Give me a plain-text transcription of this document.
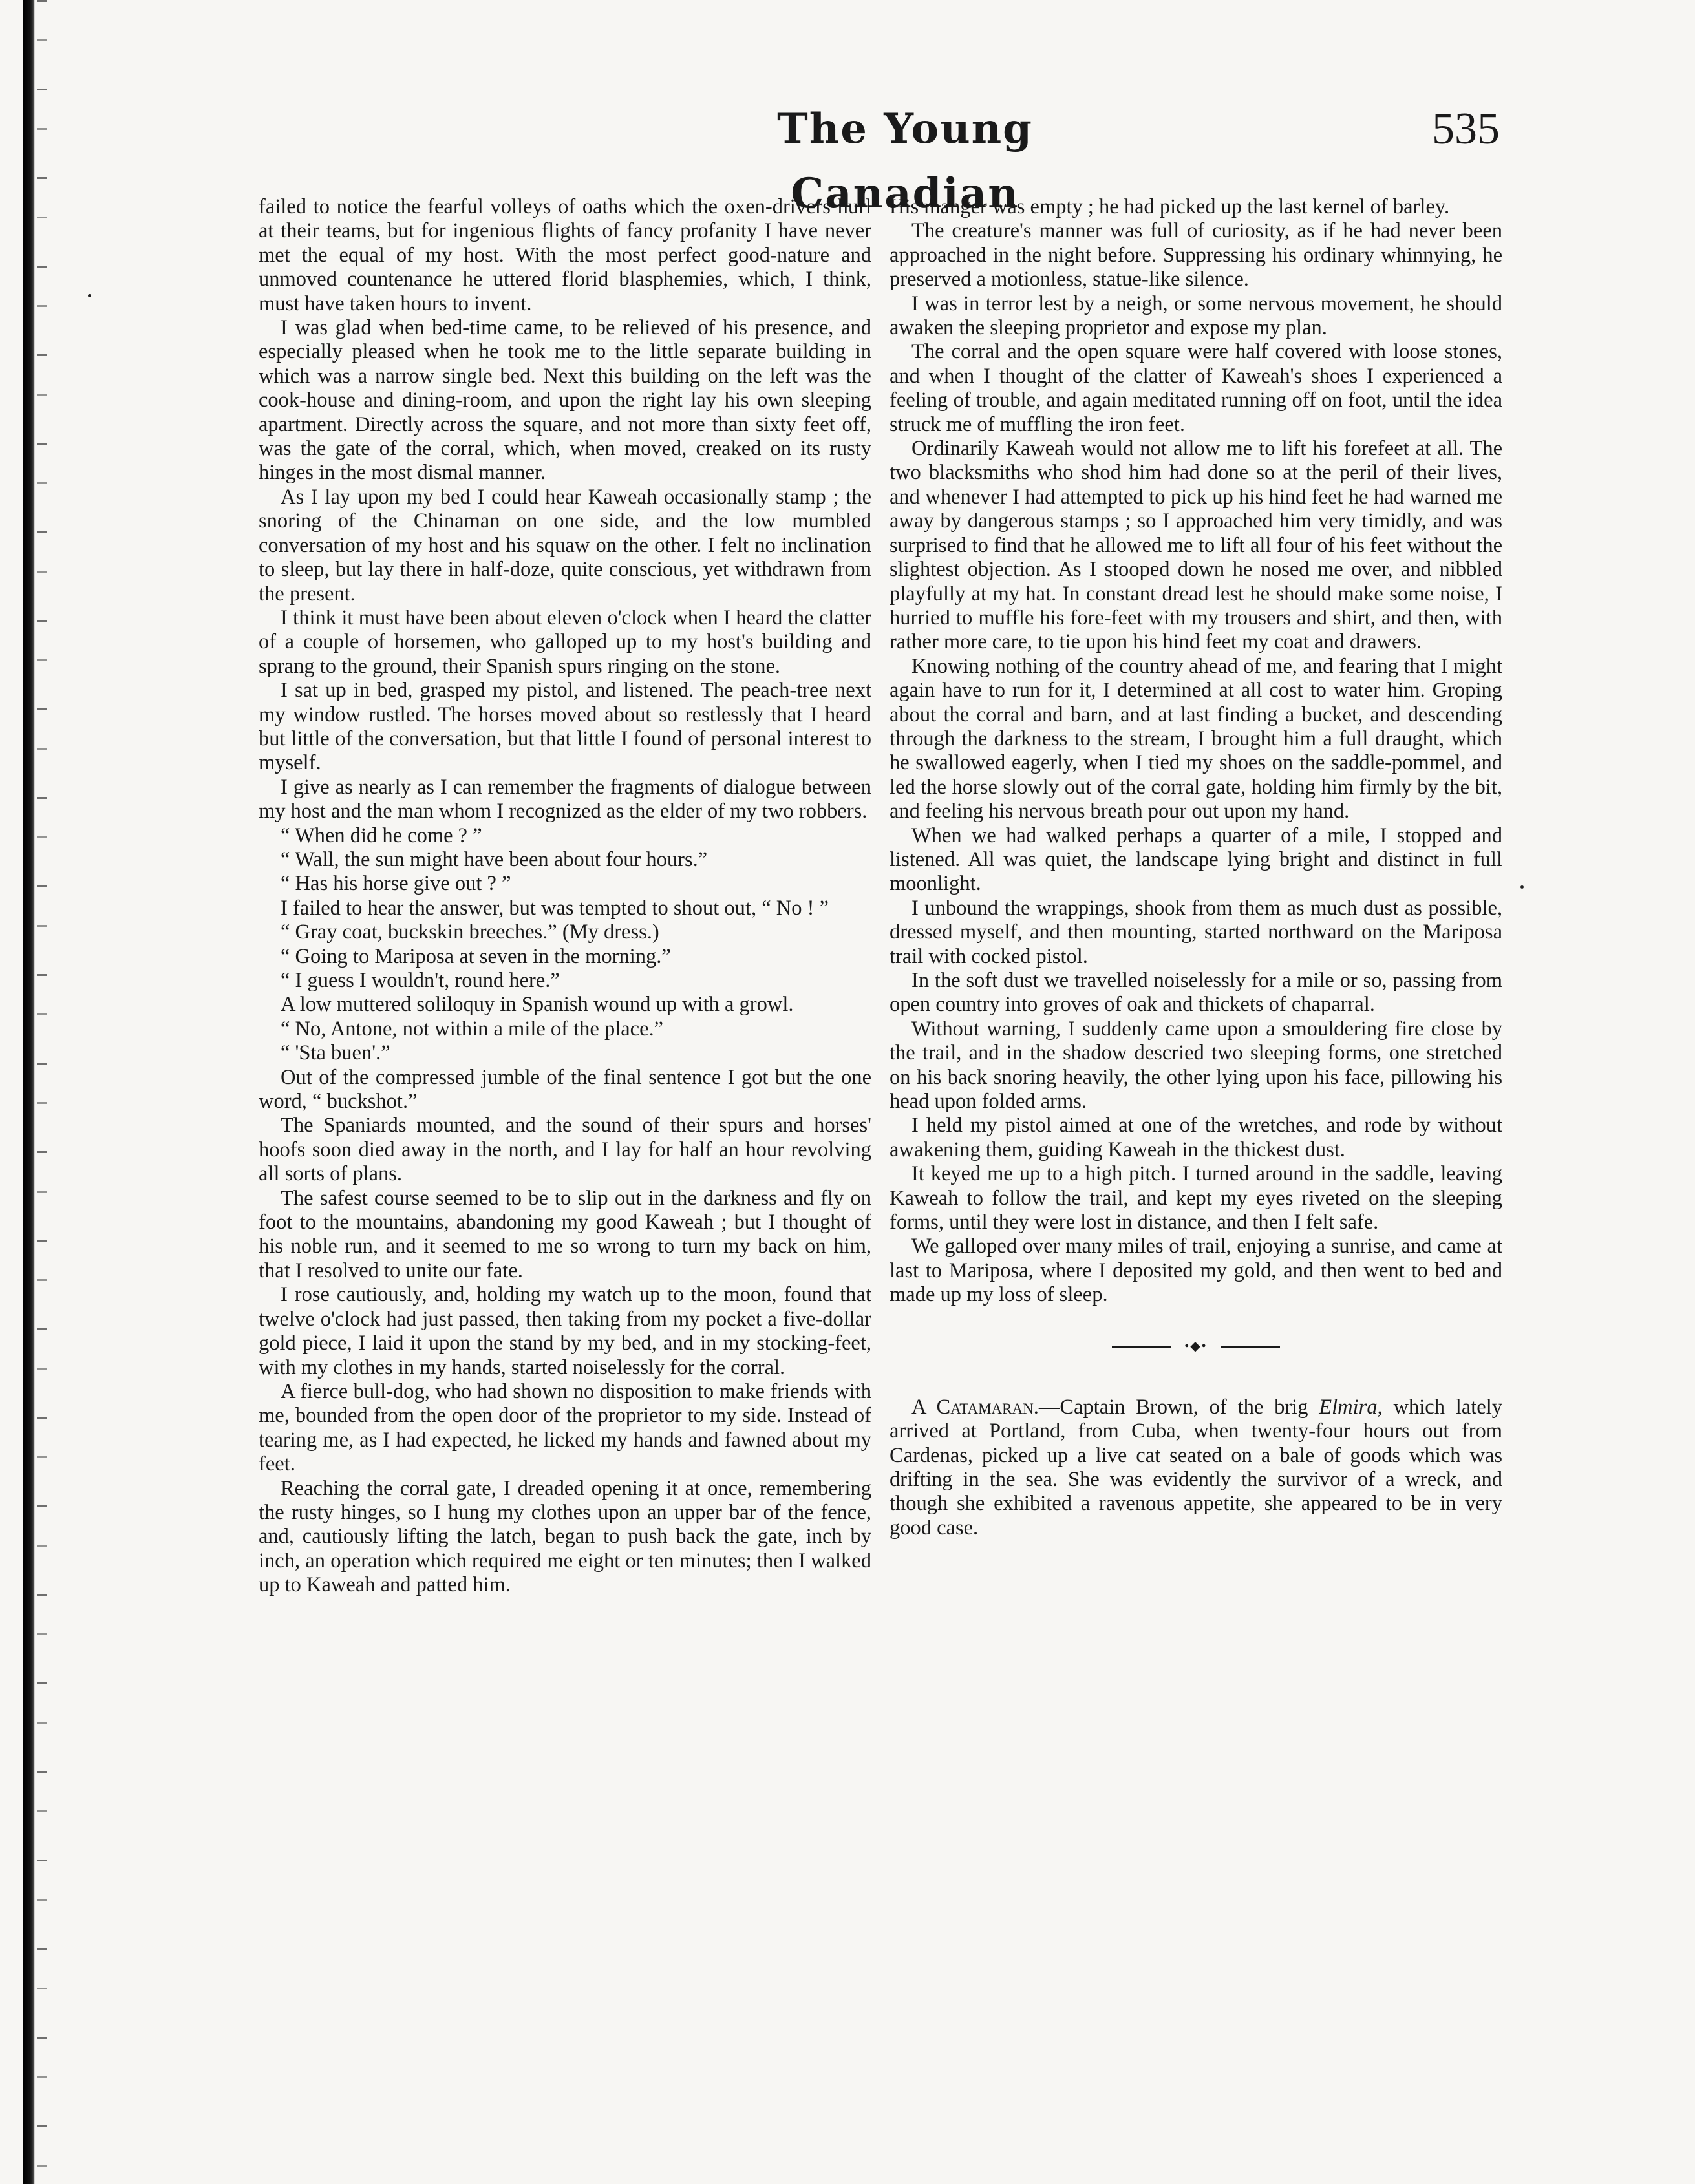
The Young Canadian
535

failed to notice the fearful volleys of oaths which the oxen-drivers hurl at their teams, but for ingenious flights of fancy profanity I have never met the equal of my host. With the most perfect good-nature and unmoved countenance he uttered florid blasphemies, which, I think, must have taken hours to invent.

I was glad when bed-time came, to be relieved of his presence, and especially pleased when he took me to the little separate building in which was a narrow single bed. Next this building on the left was the cook-house and dining-room, and upon the right lay his own sleeping apartment. Directly across the square, and not more than sixty feet off, was the gate of the corral, which, when moved, creaked on its rusty hinges in the most dismal manner.

As I lay upon my bed I could hear Kaweah occasionally stamp ; the snoring of the Chinaman on one side, and the low mumbled conversation of my host and his squaw on the other. I felt no inclination to sleep, but lay there in half-doze, quite conscious, yet withdrawn from the present.

I think it must have been about eleven o'clock when I heard the clatter of a couple of horsemen, who galloped up to my host's building and sprang to the ground, their Spanish spurs ringing on the stone.

I sat up in bed, grasped my pistol, and listened. The peach-tree next my window rustled. The horses moved about so restlessly that I heard but little of the conversation, but that little I found of personal interest to myself.

I give as nearly as I can remember the fragments of dialogue between my host and the man whom I recognized as the elder of my two robbers.

“ When did he come ? ”

“ Wall, the sun might have been about four hours.”

“ Has his horse give out ? ”

I failed to hear the answer, but was tempted to shout out, “ No ! ”

“ Gray coat, buckskin breeches.” (My dress.)

“ Going to Mariposa at seven in the morning.”

“ I guess I wouldn't, round here.”

A low muttered soliloquy in Spanish wound up with a growl.

“ No, Antone, not within a mile of the place.”

“ 'Sta buen'.”

Out of the compressed jumble of the final sentence I got but the one word, “ buckshot.”

The Spaniards mounted, and the sound of their spurs and horses' hoofs soon died away in the north, and I lay for half an hour revolving all sorts of plans.

The safest course seemed to be to slip out in the darkness and fly on foot to the mountains, abandoning my good Kaweah ; but I thought of his noble run, and it seemed to me so wrong to turn my back on him, that I resolved to unite our fate.

I rose cautiously, and, holding my watch up to the moon, found that twelve o'clock had just passed, then taking from my pocket a five-dollar gold piece, I laid it upon the stand by my bed, and in my stocking-feet, with my clothes in my hands, started noiselessly for the corral.

A fierce bull-dog, who had shown no disposition to make friends with me, bounded from the open door of the proprietor to my side. Instead of tearing me, as I had expected, he licked my hands and fawned about my feet.

Reaching the corral gate, I dreaded opening it at once, remembering the rusty hinges, so I hung my clothes upon an upper bar of the fence, and, cautiously lifting the latch, began to push back the gate, inch by inch, an operation which required me eight or ten minutes; then I walked up to Kaweah and patted him.

His manger was empty ; he had picked up the last kernel of barley.

The creature's manner was full of curiosity, as if he had never been approached in the night before. Suppressing his ordinary whinnying, he preserved a motionless, statue-like silence.

I was in terror lest by a neigh, or some nervous movement, he should awaken the sleeping proprietor and expose my plan.

The corral and the open square were half covered with loose stones, and when I thought of the clatter of Kaweah's shoes I experienced a feeling of trouble, and again meditated running off on foot, until the idea struck me of muffling the iron feet.

Ordinarily Kaweah would not allow me to lift his forefeet at all. The two blacksmiths who shod him had done so at the peril of their lives, and whenever I had attempted to pick up his hind feet he had warned me away by dangerous stamps ; so I approached him very timidly, and was surprised to find that he allowed me to lift all four of his feet without the slightest objection. As I stooped down he nosed me over, and nibbled playfully at my hat. In constant dread lest he should make some noise, I hurried to muffle his fore-feet with my trousers and shirt, and then, with rather more care, to tie upon his hind feet my coat and drawers.

Knowing nothing of the country ahead of me, and fearing that I might again have to run for it, I determined at all cost to water him. Groping about the corral and barn, and at last finding a bucket, and descending through the darkness to the stream, I brought him a full draught, which he swallowed eagerly, when I tied my shoes on the saddle-pommel, and led the horse slowly out of the corral gate, holding him firmly by the bit, and feeling his nervous breath pour out upon my hand.

When we had walked perhaps a quarter of a mile, I stopped and listened. All was quiet, the landscape lying bright and distinct in full moonlight.

I unbound the wrappings, shook from them as much dust as possible, dressed myself, and then mounting, started northward on the Mariposa trail with cocked pistol.

In the soft dust we travelled noiselessly for a mile or so, passing from open country into groves of oak and thickets of chaparral.

Without warning, I suddenly came upon a smouldering fire close by the trail, and in the shadow descried two sleeping forms, one stretched on his back snoring heavily, the other lying upon his face, pillowing his head upon folded arms.

I held my pistol aimed at one of the wretches, and rode by without awakening them, guiding Kaweah in the thickest dust.

It keyed me up to a high pitch. I turned around in the saddle, leaving Kaweah to follow the trail, and kept my eyes riveted on the sleeping forms, until they were lost in distance, and then I felt safe.

We galloped over many miles of trail, enjoying a sunrise, and came at last to Mariposa, where I deposited my gold, and then went to bed and made up my loss of sleep.

•◆•

A Catamaran.—Captain Brown, of the brig Elmira, which lately arrived at Portland, from Cuba, when twenty-four hours out from Cardenas, picked up a live cat seated on a bale of goods which was drifting in the sea. She was evidently the survivor of a wreck, and though she exhibited a ravenous appetite, she appeared to be in very good case.
